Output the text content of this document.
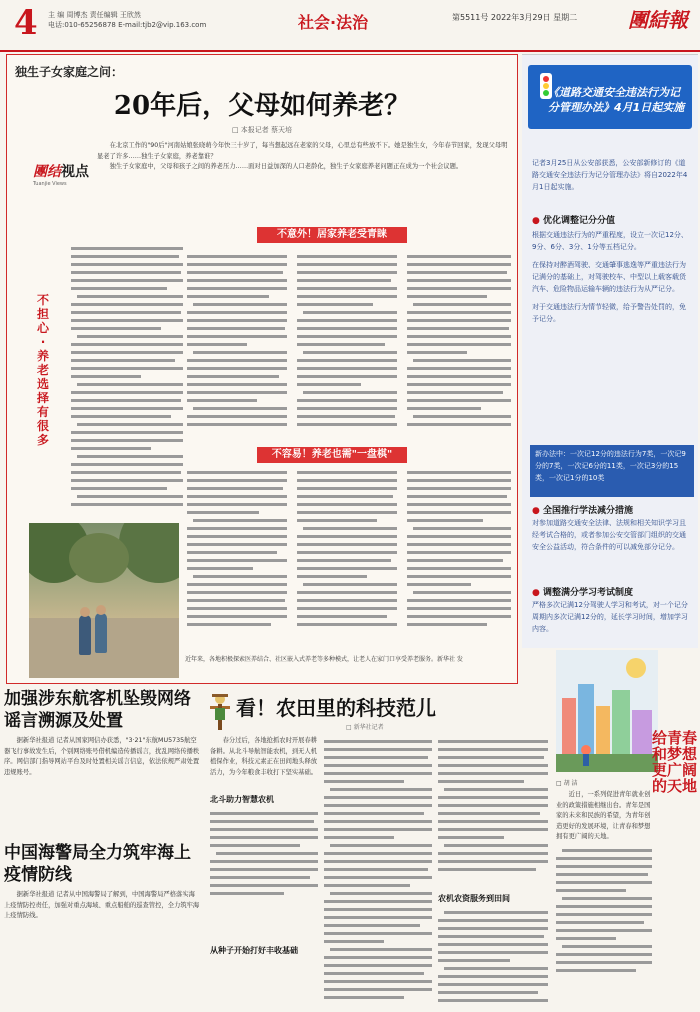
4 主 编 周博杰 责任编辑 王欣然
电话:010-65256878 E-mail:tjb2@vip.163.com	社会·法治	第5511号 2022年3月29日 星期二	團結報
独生子女家庭之问：
20年后，父母如何养老？
□ 本报记者 蔡天培

在北京工作的"90后"河南姑娘张晓萌今年快三十岁了，每当想起远在老家的父母，心里总有些放不下。她是独生女，今年春节回家，发现父母明显老了许多……独生子女家庭，养老靠谁？

独生子女家庭中，父母和孩子之间的养老压力……面对日益加深的人口老龄化，独生子女家庭养老问题正在成为一个社会议题。

團结视点
Tuanjie Views
不担心·养老选择有很多
不意外！居家养老受青睐
不容易！养老也需"一盘棋"
近年来，各地积极探索医养结合、社区嵌入式养老等多种模式，让老人在家门口享受养老服务。新华社 发
《道路交通安全违法行为记分管理办法》4月1日起实施
记者3月25日从公安部获悉，公安部新修订的《道路交通安全违法行为记分管理办法》将自2022年4月1日起实施。
● 优化调整记分分值

根据交通违法行为的严重程度，设立一次记12分、9分、6分、3分、1分等五档记分。

在保持对醉酒驾驶、交通肇事逃逸等严重违法行为记满分的基础上，对驾驶校车、中型以上载客载货汽车、危险物品运输车辆的违法行为从严记分。

对于交通违法行为情节轻微，给予警告处罚的，免予记分。

新办法中：一次记12分的违法行为7类，一次记9分的7类，一次记6分的11类，一次记3分的15类，一次记1分的10类

● 全国推行学法减分措施
对参加道路交通安全法律、法规和相关知识学习且经考试合格的，或者参加公安交管部门组织的交通安全公益活动，符合条件的可以减免部分记分。
● 调整满分学习考试制度
严格多次记满12分驾驶人学习和考试，对一个记分周期内多次记满12分的，延长学习时间，增加学习内容。
加强涉东航客机坠毁网络谣言溯源及处置

据新华社报道 记者从国家网信办获悉，"3·21"东航MU5735航空器飞行事故发生后，个别网络账号借机编造传播谣言，扰乱网络传播秩序。网信部门指导网站平台及时处置相关谣言信息，依法依规严肃处置违规账号。

中国海警局全力筑牢海上疫情防线

据新华社报道 记者从中国海警局了解到，中国海警局严格落实海上疫情防控责任，加强对重点海域、重点船舶的巡查管控，全力筑牢海上疫情防线。

看！农田里的科技范儿
□ 新华社记者

春分过后，各地抢抓农时开展春耕备耕。从北斗导航智能农机，到无人机植保作业，科技元素正在田间地头释放活力，为今年粮食丰收打下坚实基础。

北斗助力智慧农机
从种子开始打好丰收基础
农机农资服务到田间
□ 胡 洁

近日，一系列促进青年就业创业的政策措施相继出台。青年是国家的未来和民族的希望，为青年创造更好的发展环境，让青春和梦想拥有更广阔的天地。

给青春和梦想更广阔的天地
